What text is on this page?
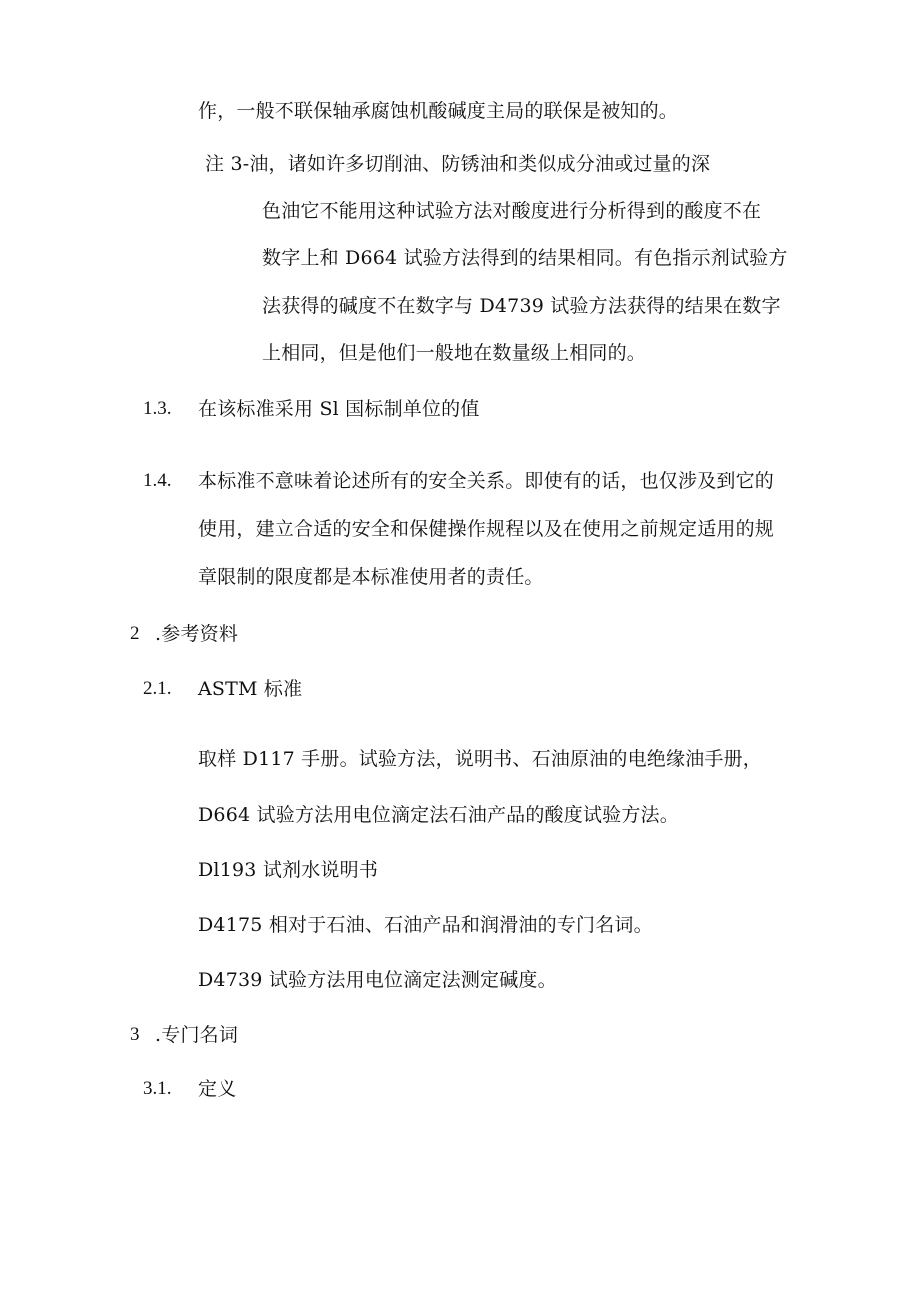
作，一般不联保轴承腐蚀机酸碱度主局的联保是被知的。
注 3-油，诸如许多切削油、防锈油和类似成分油或过量的深
色油它不能用这种试验方法对酸度进行分析得到的酸度不在
数字上和 D664 试验方法得到的结果相同。有色指示剂试验方
法获得的碱度不在数字与 D4739 试验方法获得的结果在数字
上相同，但是他们一般地在数量级上相同的。
1.3. 在该标准采用 Sl 国标制单位的值
1.4. 本标准不意味着论述所有的安全关系。即使有的话，也仅涉及到它的
使用，建立合适的安全和保健操作规程以及在使用之前规定适用的规
章限制的限度都是本标准使用者的责任。
2 .参考资料
2.1. ASTM 标准
取样 D117 手册。试验方法，说明书、石油原油的电绝缘油手册，
D664 试验方法用电位滴定法石油产品的酸度试验方法。
Dl193 试剂水说明书
D4175 相对于石油、石油产品和润滑油的专门名词。
D4739 试验方法用电位滴定法测定碱度。
3 .专门名词
3.1. 定义
